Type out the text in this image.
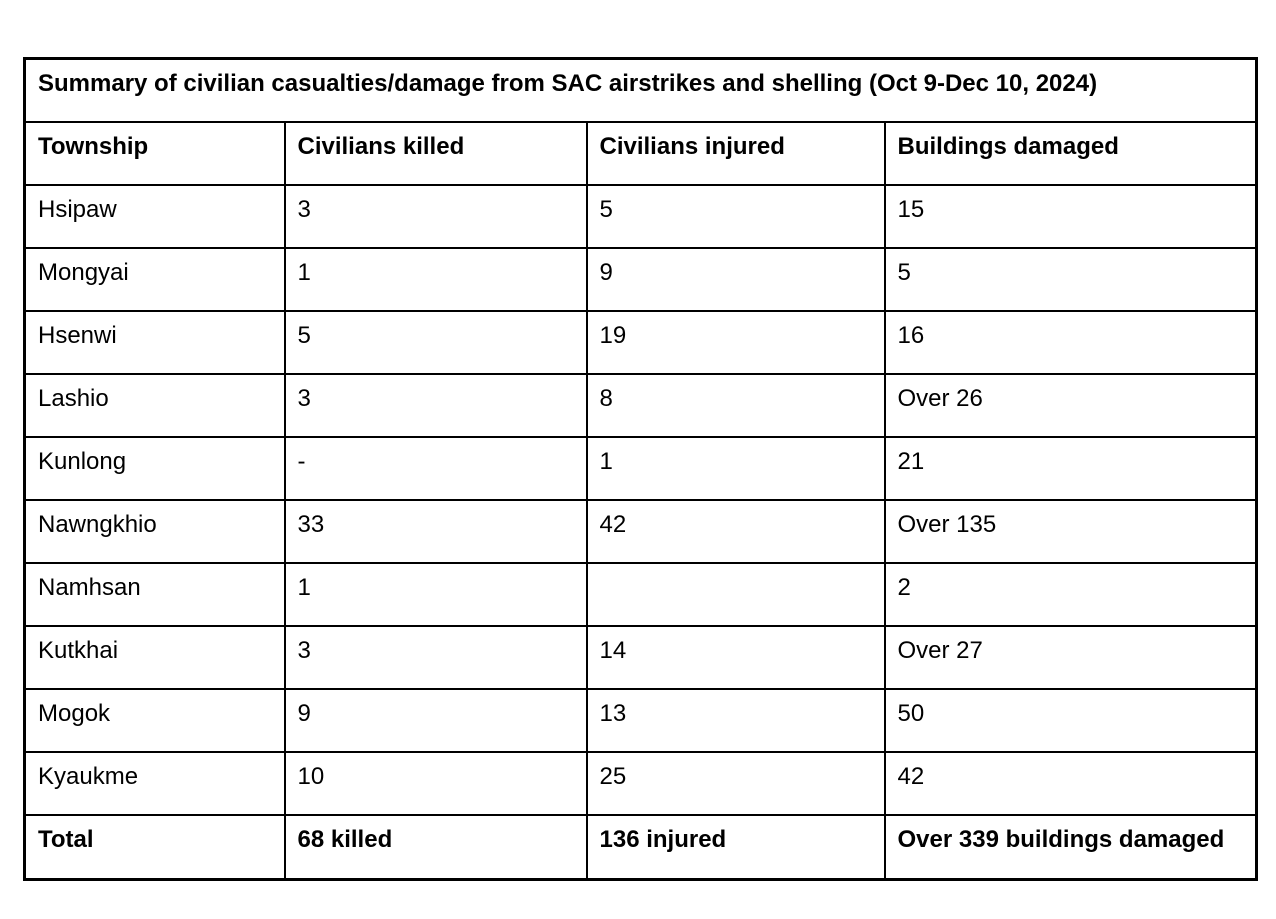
Summary of civilian casualties/damage from SAC airstrikes and shelling (Oct 9-Dec 10, 2024)			
Township	Civilians killed	Civilians injured	Buildings damaged
Hsipaw	3	5	15
Mongyai	1	9	5
Hsenwi	5	19	16
Lashio	3	8	Over 26
Kunlong	-	1	21
Nawngkhio	33	42	Over 135
Namhsan	1		2
Kutkhai	3	14	Over 27
Mogok	9	13	50
Kyaukme	10	25	42
Total	68 killed	136 injured	Over 339 buildings damaged
